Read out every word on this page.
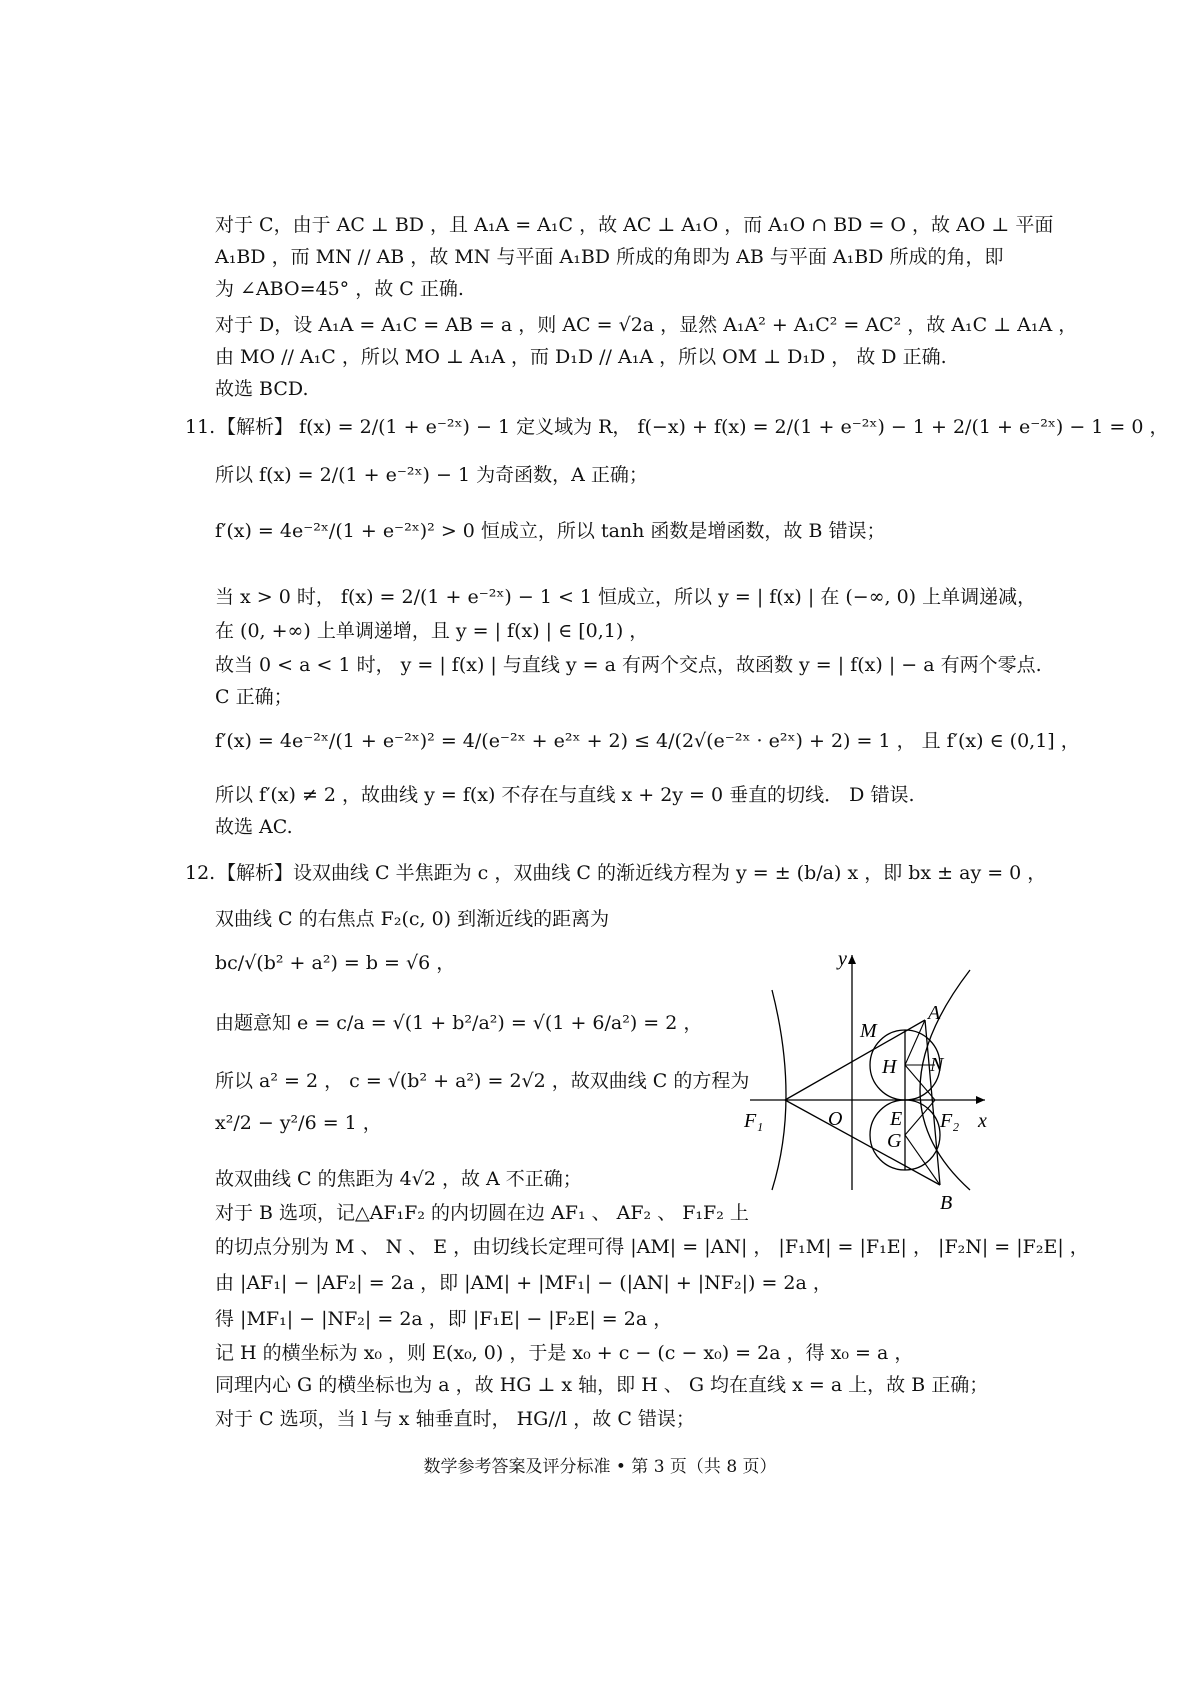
对于 C，由于 AC ⊥ BD ，且 A₁A = A₁C ，故 AC ⊥ A₁O ，而 A₁O ∩ BD = O ，故 AO ⊥ 平面
A₁BD ，而 MN // AB ，故 MN 与平面 A₁BD 所成的角即为 AB 与平面 A₁BD 所成的角，即
为 ∠ABO=45° ，故 C 正确.
对于 D，设 A₁A = A₁C = AB = a ，则 AC = √2a ，显然 A₁A² + A₁C² = AC² ，故 A₁C ⊥ A₁A ，
由 MO // A₁C ，所以 MO ⊥ A₁A ，而 D₁D // A₁A ，所以 OM ⊥ D₁D ， 故 D 正确.
故选 BCD.
11.【解析】 f(x) = 2/(1 + e⁻²ˣ) − 1 定义域为 R， f(−x) + f(x) = 2/(1 + e⁻²ˣ) − 1 + 2/(1 + e⁻²ˣ) − 1 = 0 ，
所以 f(x) = 2/(1 + e⁻²ˣ) − 1 为奇函数，A 正确；
f′(x) = 4e⁻²ˣ/(1 + e⁻²ˣ)² > 0 恒成立，所以 tanh 函数是增函数，故 B 错误；
当 x > 0 时， f(x) = 2/(1 + e⁻²ˣ) − 1 < 1 恒成立，所以 y = | f(x) | 在 (−∞, 0) 上单调递减，
在 (0, +∞) 上单调递增，且 y = | f(x) | ∈ [0,1) ，
故当 0 < a < 1 时， y = | f(x) | 与直线 y = a 有两个交点，故函数 y = | f(x) | − a 有两个零点.
C 正确；
f′(x) = 4e⁻²ˣ/(1 + e⁻²ˣ)² = 4/(e⁻²ˣ + e²ˣ + 2) ≤ 4/(2√(e⁻²ˣ · e²ˣ) + 2) = 1 ， 且 f′(x) ∈ (0,1] ，
所以 f′(x) ≠ 2 ，故曲线 y = f(x) 不存在与直线 x + 2y = 0 垂直的切线． D 错误.
故选 AC.
12.【解析】设双曲线 C 半焦距为 c ，双曲线 C 的渐近线方程为 y = ± (b/a) x ，即 bx ± ay = 0 ，
双曲线 C 的右焦点 F₂(c, 0) 到渐近线的距离为
bc/√(b² + a²) = b = √6 ，
由题意知 e = c/a = √(1 + b²/a²) = √(1 + 6/a²) = 2 ，
所以 a² = 2 ， c = √(b² + a²) = 2√2 ，故双曲线 C 的方程为
x²/2 − y²/6 = 1 ，
故双曲线 C 的焦距为 4√2 ，故 A 不正确；
对于 B 选项，记△AF₁F₂ 的内切圆在边 AF₁ 、 AF₂ 、 F₁F₂ 上
的切点分别为 M 、 N 、 E ，由切线长定理可得 |AM| = |AN| ， |F₁M| = |F₁E| ， |F₂N| = |F₂E| ，
由 |AF₁| − |AF₂| = 2a ，即 |AM| + |MF₁| − (|AN| + |NF₂|) = 2a ，
得 |MF₁| − |NF₂| = 2a ，即 |F₁E| − |F₂E| = 2a ，
记 H 的横坐标为 x₀ ，则 E(x₀, 0) ，于是 x₀ + c − (c − x₀) = 2a ，得 x₀ = a ，
同理内心 G 的横坐标也为 a ，故 HG ⊥ x 轴，即 H 、 G 均在直线 x = a 上，故 B 正确；
对于 C 选项，当 l 与 x 轴垂直时， HG//l ，故 C 错误；
y
x
M
A
H N
F₁	O E F₂
G
B
数学参考答案及评分标准 • 第 3 页（共 8 页）
